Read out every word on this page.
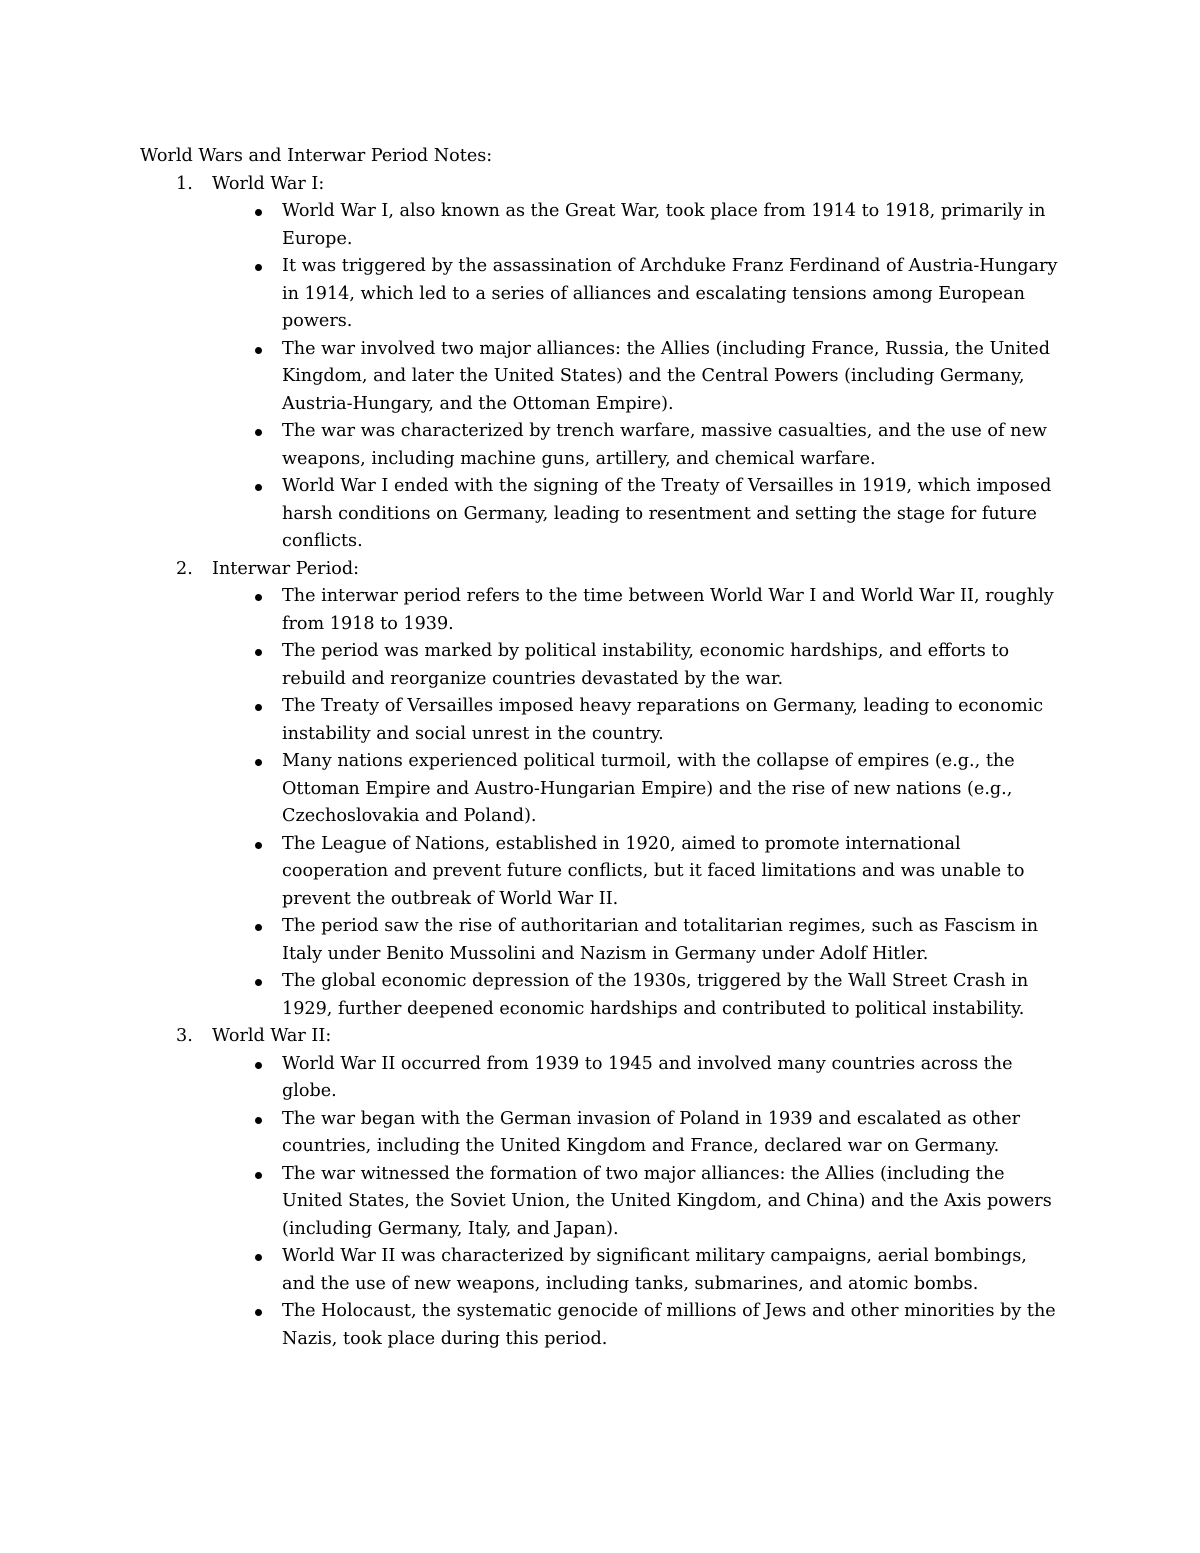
World Wars and Interwar Period Notes:

1. World War I:

World War I, also known as the Great War, took place from 1914 to 1918, primarily in Europe.
It was triggered by the assassination of Archduke Franz Ferdinand of Austria-Hungary in 1914, which led to a series of alliances and escalating tensions among European powers.
The war involved two major alliances: the Allies (including France, Russia, the United Kingdom, and later the United States) and the Central Powers (including Germany, Austria-Hungary, and the Ottoman Empire).
The war was characterized by trench warfare, massive casualties, and the use of new weapons, including machine guns, artillery, and chemical warfare.
World War I ended with the signing of the Treaty of Versailles in 1919, which imposed harsh conditions on Germany, leading to resentment and setting the stage for future conflicts.

2. Interwar Period:

The interwar period refers to the time between World War I and World War II, roughly from 1918 to 1939.
The period was marked by political instability, economic hardships, and efforts to rebuild and reorganize countries devastated by the war.
The Treaty of Versailles imposed heavy reparations on Germany, leading to economic instability and social unrest in the country.
Many nations experienced political turmoil, with the collapse of empires (e.g., the Ottoman Empire and Austro-Hungarian Empire) and the rise of new nations (e.g., Czechoslovakia and Poland).
The League of Nations, established in 1920, aimed to promote international cooperation and prevent future conflicts, but it faced limitations and was unable to prevent the outbreak of World War II.
The period saw the rise of authoritarian and totalitarian regimes, such as Fascism in Italy under Benito Mussolini and Nazism in Germany under Adolf Hitler.
The global economic depression of the 1930s, triggered by the Wall Street Crash in 1929, further deepened economic hardships and contributed to political instability.

3. World War II:

World War II occurred from 1939 to 1945 and involved many countries across the globe.
The war began with the German invasion of Poland in 1939 and escalated as other countries, including the United Kingdom and France, declared war on Germany.
The war witnessed the formation of two major alliances: the Allies (including the United States, the Soviet Union, the United Kingdom, and China) and the Axis powers (including Germany, Italy, and Japan).
World War II was characterized by significant military campaigns, aerial bombings, and the use of new weapons, including tanks, submarines, and atomic bombs.
The Holocaust, the systematic genocide of millions of Jews and other minorities by the Nazis, took place during this period.
